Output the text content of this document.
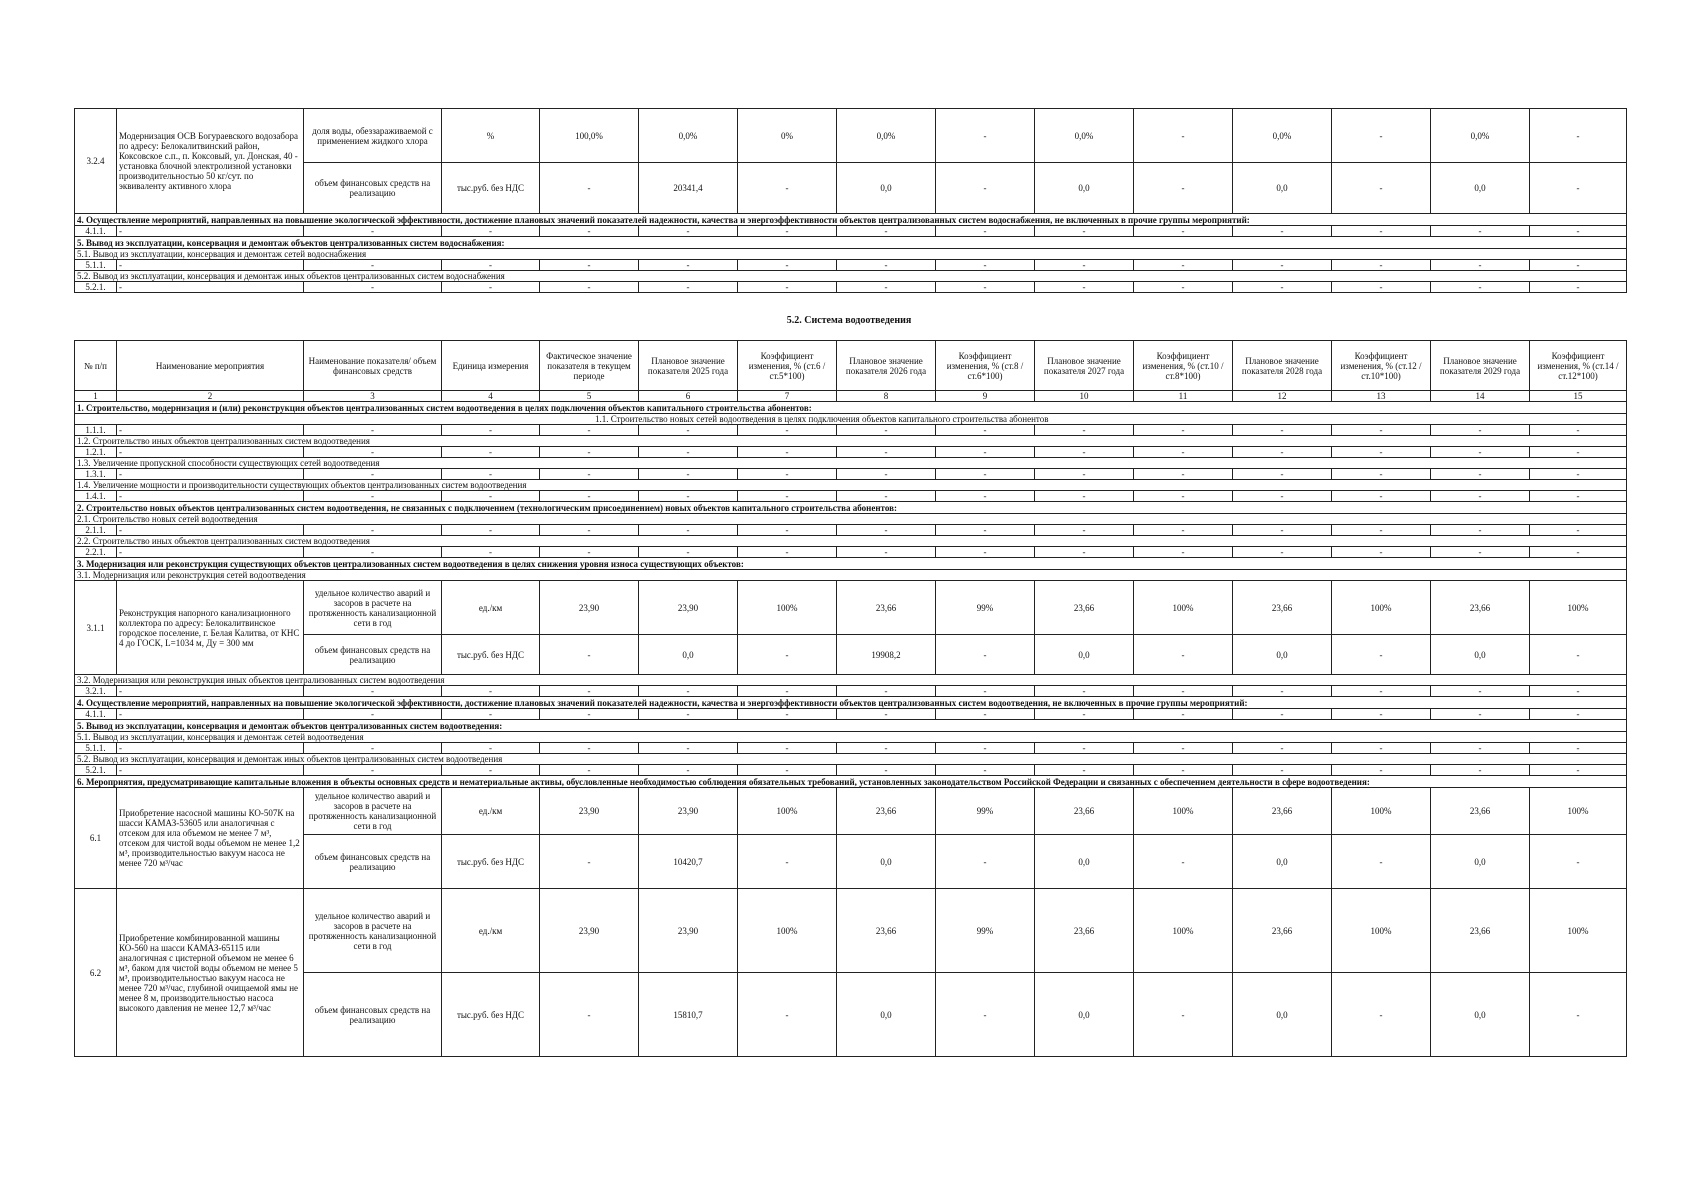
3.2.4	Модернизация ОСВ Богураевского водозабора по адресу: Белокалитвинский район, Коксовское с.п., п. Коксовый, ул. Донская, 40 - установка блочной электролизной установки производительностью 50 кг/сут. по эквиваленту активного хлора	доля воды, обеззараживаемой с применением жидкого хлора	%	100,0%	0,0%	0%	0,0%	-	0,0%	-	0,0%	-	0,0%	-
		объем финансовых средств на реализацию	тыс.руб. без НДС	-	20341,4	-	0,0	-	0,0	-	0,0	-	0,0	-
4. Осуществление мероприятий, направленных на повышение экологической эффективности, достижение плановых значений показателей надежности, качества и энергоэффективности объектов централизованных систем водоснабжения, не включенных в прочие группы мероприятий:														
4.1.1.	-	-	-	-	-	-	-	-	-	-	-	-	-	-
5. Вывод из эксплуатации, консервация и демонтаж объектов централизованных систем водоснабжения:														
5.1. Вывод из эксплуатации, консервация и демонтаж сетей водоснабжения														
5.1.1.	-	-	-	-	-	-	-	-	-	-	-	-	-	-
5.2. Вывод из эксплуатации, консервация и демонтаж иных объектов централизованных систем водоснабжения														
5.2.1.	-	-	-	-	-	-	-	-	-	-	-	-	-	-
5.2. Система водоотведения
№ п/п	Наименование мероприятия	Наименование показателя/ объем финансовых средств	Единица измерения	Фактическое значение показателя в текущем периоде	Плановое значение показателя 2025 года	Коэффициент изменения, % (ст.6 /ст.5*100)	Плановое значение показателя 2026 года	Коэффициент изменения, % (ст.8 /ст.6*100)	Плановое значение показателя 2027 года	Коэффициент изменения, % (ст.10 /ст.8*100)	Плановое значение показателя 2028 года	Коэффициент изменения, % (ст.12 /ст.10*100)	Плановое значение показателя 2029 года	Коэффициент изменения, % (ст.14 /ст.12*100)
1	2	3	4	5	6	7	8	9	10	11	12	13	14	15
1. Строительство, модернизация и (или) реконструкция объектов централизованных систем водоотведения в целях подключения объектов капитального строительства абонентов:														
1.1. Строительство новых сетей водоотведения в целях подключения объектов капитального строительства абонентов														
1.1.1.	-	-	-	-	-	-	-	-	-	-	-	-	-	-
1.2. Строительство иных объектов централизованных систем водоотведения														
1.2.1.	-	-	-	-	-	-	-	-	-	-	-	-	-	-
1.3. Увеличение пропускной способности существующих сетей водоотведения														
1.3.1.	-	-	-	-	-	-	-	-	-	-	-	-	-	-
1.4. Увеличение мощности и производительности существующих объектов централизованных систем водоотведения														
1.4.1.	-	-	-	-	-	-	-	-	-	-	-	-	-	-
2. Строительство новых объектов централизованных систем водоотведения, не связанных с подключением (технологическим присоединением) новых объектов капитального строительства абонентов:														
2.1. Строительство новых сетей водоотведения														
2.1.1.	-	-	-	-	-	-	-	-	-	-	-	-	-	-
2.2. Строительство иных объектов централизованных систем водоотведения														
2.2.1.	-	-	-	-	-	-	-	-	-	-	-	-	-	-
3. Модернизация или реконструкция существующих объектов централизованных систем водоотведения в целях снижения уровня износа существующих объектов:														
3.1. Модернизация или реконструкция сетей водоотведения														
3.1.1	Реконструкция напорного канализационного коллектора по адресу: Белокалитвинское городское поселение, г. Белая Калитва, от КНС 4 до ГОСК, L=1034 м, Ду = 300 мм	удельное количество аварий и засоров в расчете на протяженность канализационной сети в год	ед./км	23,90	23,90	100%	23,66	99%	23,66	100%	23,66	100%	23,66	100%
		объем финансовых средств на реализацию	тыс.руб. без НДС	-	0,0	-	19908,2	-	0,0	-	0,0	-	0,0	-
3.2. Модернизация или реконструкция иных объектов централизованных систем водоотведения														
3.2.1.	-	-	-	-	-	-	-	-	-	-	-	-	-	-
4. Осуществление мероприятий, направленных на повышение экологической эффективности, достижение плановых значений показателей надежности, качества и энергоэффективности объектов централизованных систем водоотведения, не включенных в прочие группы мероприятий:														
4.1.1.	-	-	-	-	-	-	-	-	-	-	-	-	-	-
5. Вывод из эксплуатации, консервация и демонтаж объектов централизованных систем водоотведения:														
5.1. Вывод из эксплуатации, консервация и демонтаж сетей водоотведения														
5.1.1.	-	-	-	-	-	-	-	-	-	-	-	-	-	-
5.2. Вывод из эксплуатации, консервация и демонтаж иных объектов централизованных систем водоотведения														
5.2.1.	-	-	-	-	-	-	-	-	-	-	-	-	-	-
6. Мероприятия, предусматривающие капитальные вложения в объекты основных средств и нематериальные активы, обусловленные необходимостью соблюдения обязательных требований, установленных законодательством Российской Федерации и связанных с обеспечением деятельности в сфере водоотведения:														
6.1	Приобретение насосной машины КО-507К на шасси КАМАЗ-53605 или аналогичная с отсеком для ила объемом не менее 7 м³, отсеком для чистой воды объемом не менее 1,2 м³, производительностью вакуум насоса не менее 720 м³/час	удельное количество аварий и засоров в расчете на протяженность канализационной сети в год	ед./км	23,90	23,90	100%	23,66	99%	23,66	100%	23,66	100%	23,66	100%
		объем финансовых средств на реализацию	тыс.руб. без НДС	-	10420,7	-	0,0	-	0,0	-	0,0	-	0,0	-
6.2	Приобретение комбинированной машины КО-560 на шасси КАМАЗ-65115 или аналогичная с цистерной объемом не менее 6 м³, баком для чистой воды объемом не менее 5 м³, производительностью вакуум насоса не менее 720 м³/час, глубиной очищаемой ямы не менее 8 м, производительностью насоса высокого давления не менее 12,7 м³/час	удельное количество аварий и засоров в расчете на протяженность канализационной сети в год	ед./км	23,90	23,90	100%	23,66	99%	23,66	100%	23,66	100%	23,66	100%
		объем финансовых средств на реализацию	тыс.руб. без НДС	-	15810,7	-	0,0	-	0,0	-	0,0	-	0,0	-
